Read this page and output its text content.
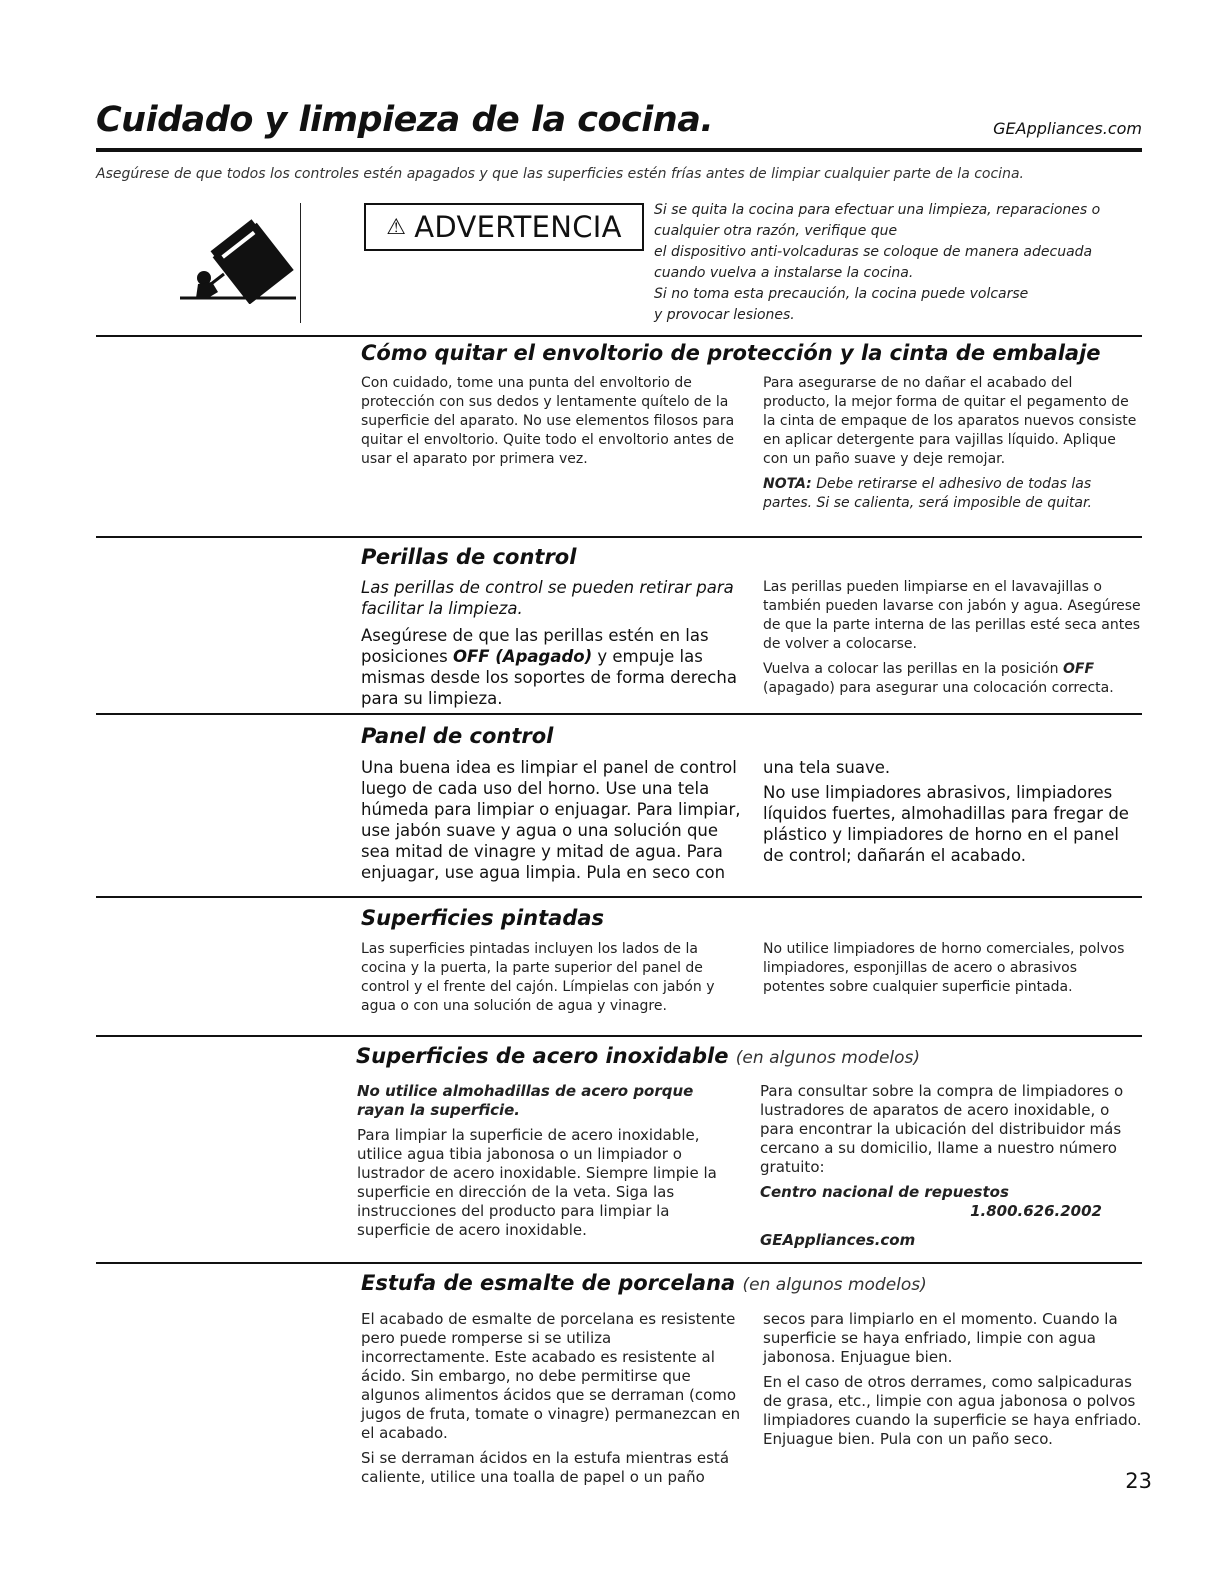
Cuidado y limpieza de la cocina.	GEAppliances.com
Asegúrese de que todos los controles estén apagados y que las superficies estén frías antes de limpiar cualquier parte de la cocina.
⚠ ADVERTENCIA Si se quita la cocina para efectuar una limpieza, reparaciones o
cualquier otra razón, verifique que
el dispositivo anti-volcaduras se coloque de manera adecuada
cuando vuelva a instalarse la cocina.
Si no toma esta precaución, la cocina puede volcarse
y provocar lesiones.
Cómo quitar el envoltorio de protección y la cinta de embalaje

Con cuidado, tome una punta del envoltorio de protección con sus dedos y lentamente quítelo de la superficie del aparato. No use elementos filosos para quitar el envoltorio. Quite todo el envoltorio antes de usar el aparato por primera vez.

Para asegurarse de no dañar el acabado del producto, la mejor forma de quitar el pegamento de la cinta de empaque de los aparatos nuevos consiste en aplicar detergente para vajillas líquido. Aplique con un paño suave y deje remojar.

NOTA: Debe retirarse el adhesivo de todas las partes. Si se calienta, será imposible de quitar.

Perillas de control

Las perillas de control se pueden retirar para facilitar la limpieza.

Asegúrese de que las perillas estén en las posiciones OFF (Apagado) y empuje las mismas desde los soportes de forma derecha para su limpieza.

Las perillas pueden limpiarse en el lavavajillas o también pueden lavarse con jabón y agua. Asegúrese de que la parte interna de las perillas esté seca antes de volver a colocarse.

Vuelva a colocar las perillas en la posición OFF (apagado) para asegurar una colocación correcta.

Panel de control

Una buena idea es limpiar el panel de control luego de cada uso del horno. Use una tela húmeda para limpiar o enjuagar. Para limpiar, use jabón suave y agua o una solución que sea mitad de vinagre y mitad de agua. Para enjuagar, use agua limpia. Pula en seco con

una tela suave.

No use limpiadores abrasivos, limpiadores líquidos fuertes, almohadillas para fregar de plástico y limpiadores de horno en el panel de control; dañarán el acabado.

Superficies pintadas

Las superficies pintadas incluyen los lados de la cocina y la puerta, la parte superior del panel de control y el frente del cajón. Límpielas con jabón y agua o con una solución de agua y vinagre.

No utilice limpiadores de horno comerciales, polvos limpiadores, esponjillas de acero o abrasivos potentes sobre cualquier superficie pintada.

Superficies de acero inoxidable (en algunos modelos)

No utilice almohadillas de acero porque rayan la superficie.

Para limpiar la superficie de acero inoxidable, utilice agua tibia jabonosa o un limpiador o lustrador de acero inoxidable. Siempre limpie la superficie en dirección de la veta. Siga las instrucciones del producto para limpiar la superficie de acero inoxidable.

Para consultar sobre la compra de limpiadores o lustradores de aparatos de acero inoxidable, o para encontrar la ubicación del distribuidor más cercano a su domicilio, llame a nuestro número gratuito:

Centro nacional de repuestos

1.800.626.2002

GEAppliances.com

Estufa de esmalte de porcelana (en algunos modelos)

El acabado de esmalte de porcelana es resistente pero puede romperse si se utiliza incorrectamente. Este acabado es resistente al ácido. Sin embargo, no debe permitirse que algunos alimentos ácidos que se derraman (como jugos de fruta, tomate o vinagre) permanezcan en el acabado.

Si se derraman ácidos en la estufa mientras está caliente, utilice una toalla de papel o un paño

secos para limpiarlo en el momento. Cuando la superficie se haya enfriado, limpie con agua jabonosa. Enjuague bien.

En el caso de otros derrames, como salpicaduras de grasa, etc., limpie con agua jabonosa o polvos limpiadores cuando la superficie se haya enfriado. Enjuague bien. Pula con un paño seco.

23
